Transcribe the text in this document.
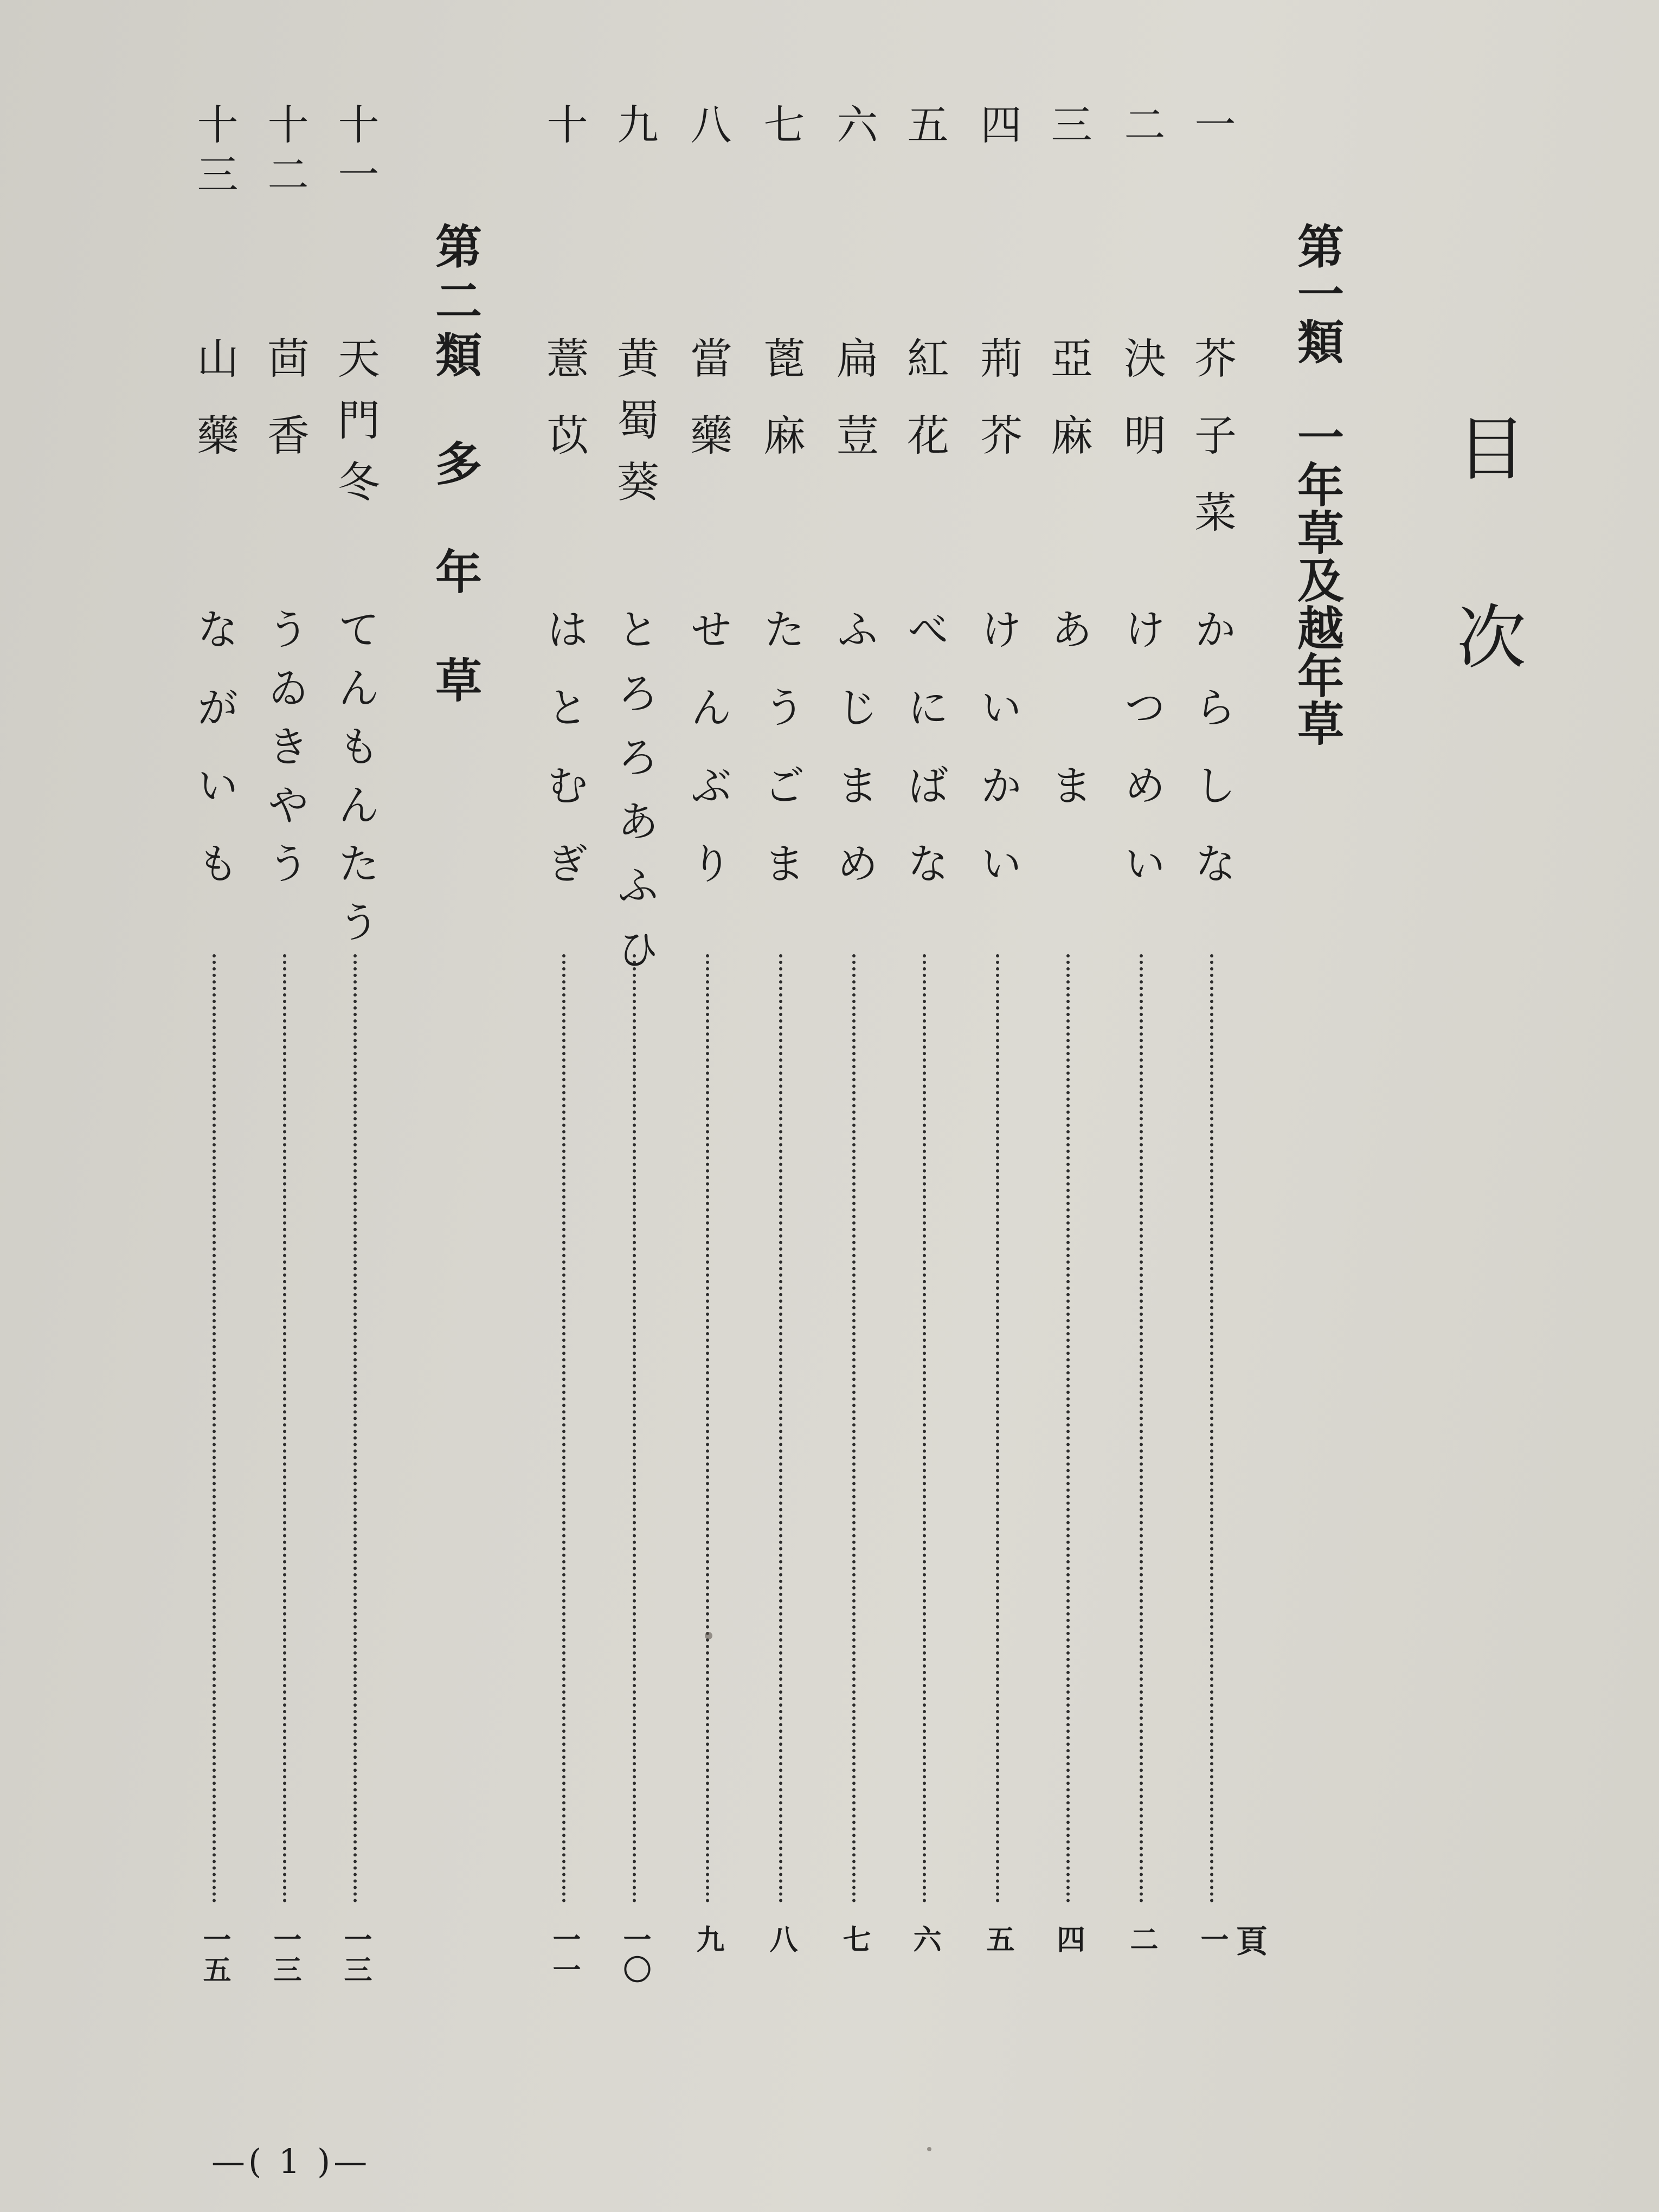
目次
頁
第一類　一年草及越年草
第二類　多　年　草
一
芥子菜
からしな
一
二
決明
けつめい
二
三
亞麻
あ　ま
四
四
荊芥
けいかい
五
五
紅花
べにばな
六
六
扁荳
ふじまめ
七
七
蓖麻
たうごま
八
八
當藥
せんぶり
九
九
黄蜀葵
とろろあふひ
一〇
十
薏苡
はとむぎ
一一
十一
天門冬
てんもんたう
一三
十二
茴香
うゐきやう
一三
十三
山藥
ながいも
一五
—( 1 )—
